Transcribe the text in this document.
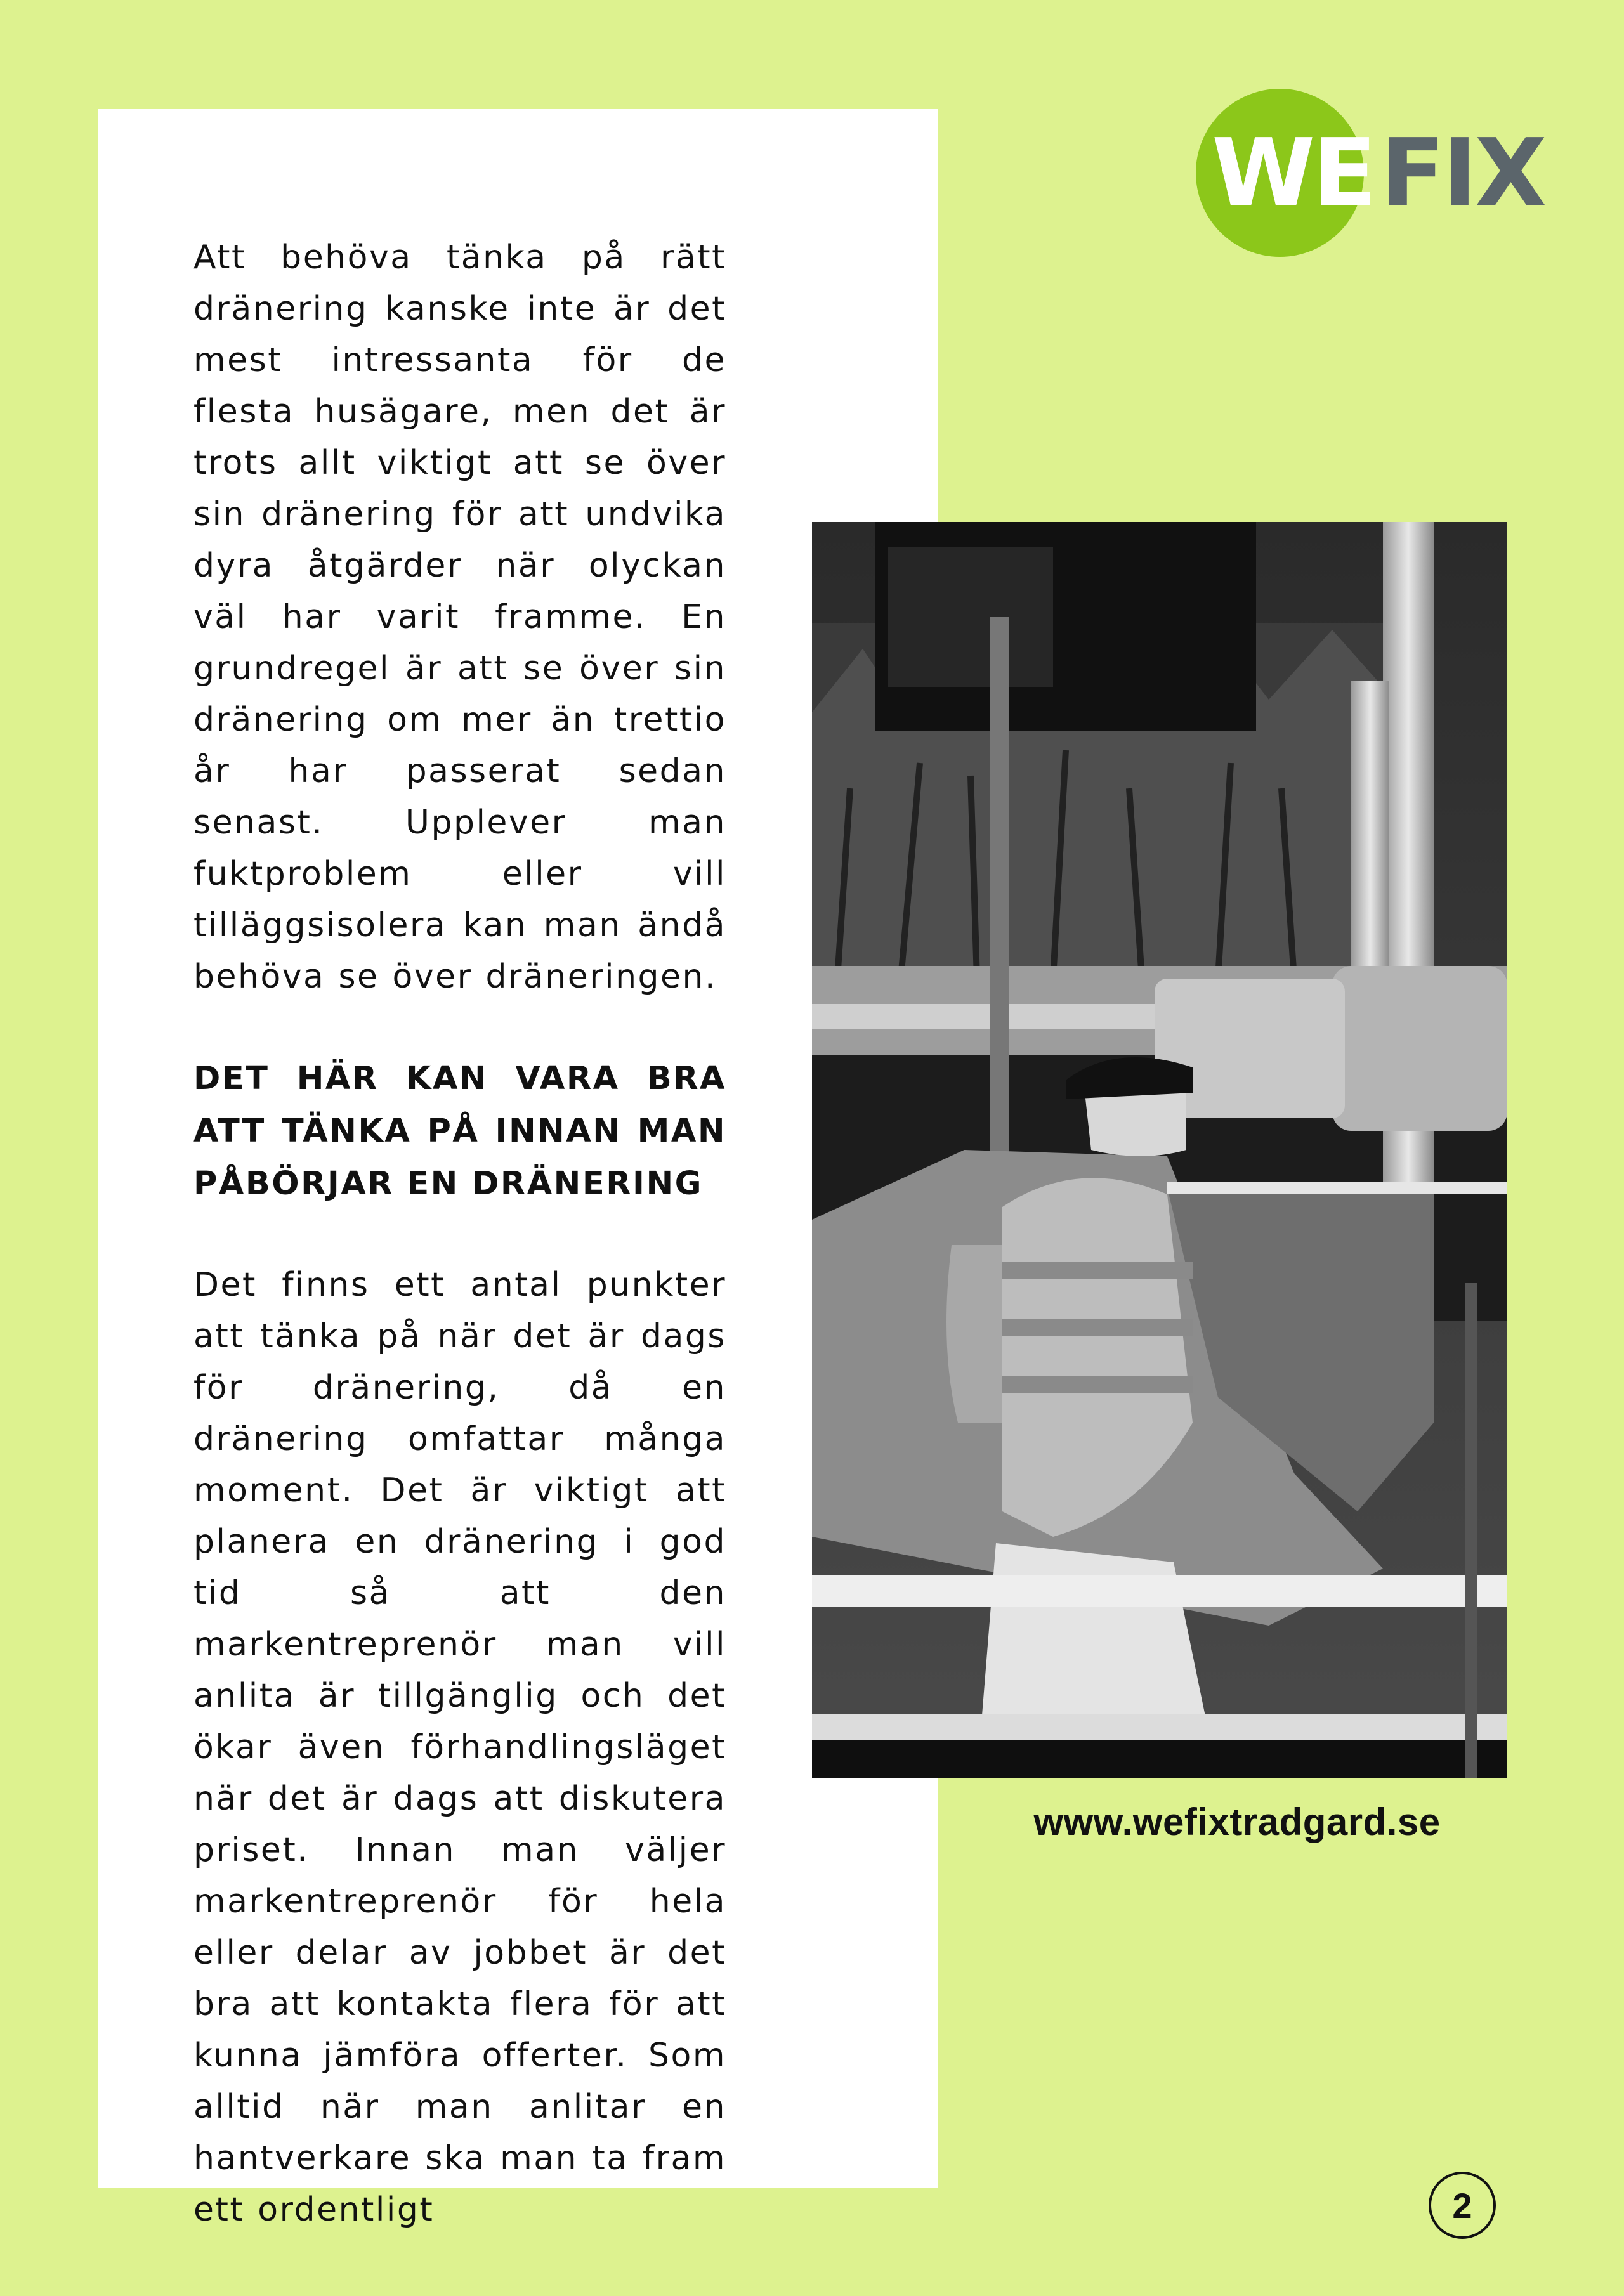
Att behöva tänka på rätt dränering kanske inte är det mest intressanta för de flesta husägare, men det är trots allt viktigt att se över sin dränering för att undvika dyra åtgärder när olyckan väl har varit framme. En grundregel är att se över sin dränering om mer än trettio år har passerat sedan senast. Upplever man fuktproblem eller vill tilläggsisolera kan man ändå behöva se över dräneringen.

DET HÄR KAN VARA BRA ATT TÄNKA PÅ INNAN MAN PÅBÖRJAR EN DRÄNERING

Det finns ett antal punkter att tänka på när det är dags för dränering, då en dränering omfattar många moment. Det är viktigt att planera en dränering i god tid så att den markentreprenör man vill anlita är tillgänglig och det ökar även förhandlingsläget när det är dags att diskutera priset. Innan man väljer markentreprenör för hela eller delar av jobbet är det bra att kontakta flera för att kunna jämföra offerter. Som alltid när man anlitar en hantverkare ska man ta fram ett ordentligt

WEFIX
www.wefixtradgard.se
2
